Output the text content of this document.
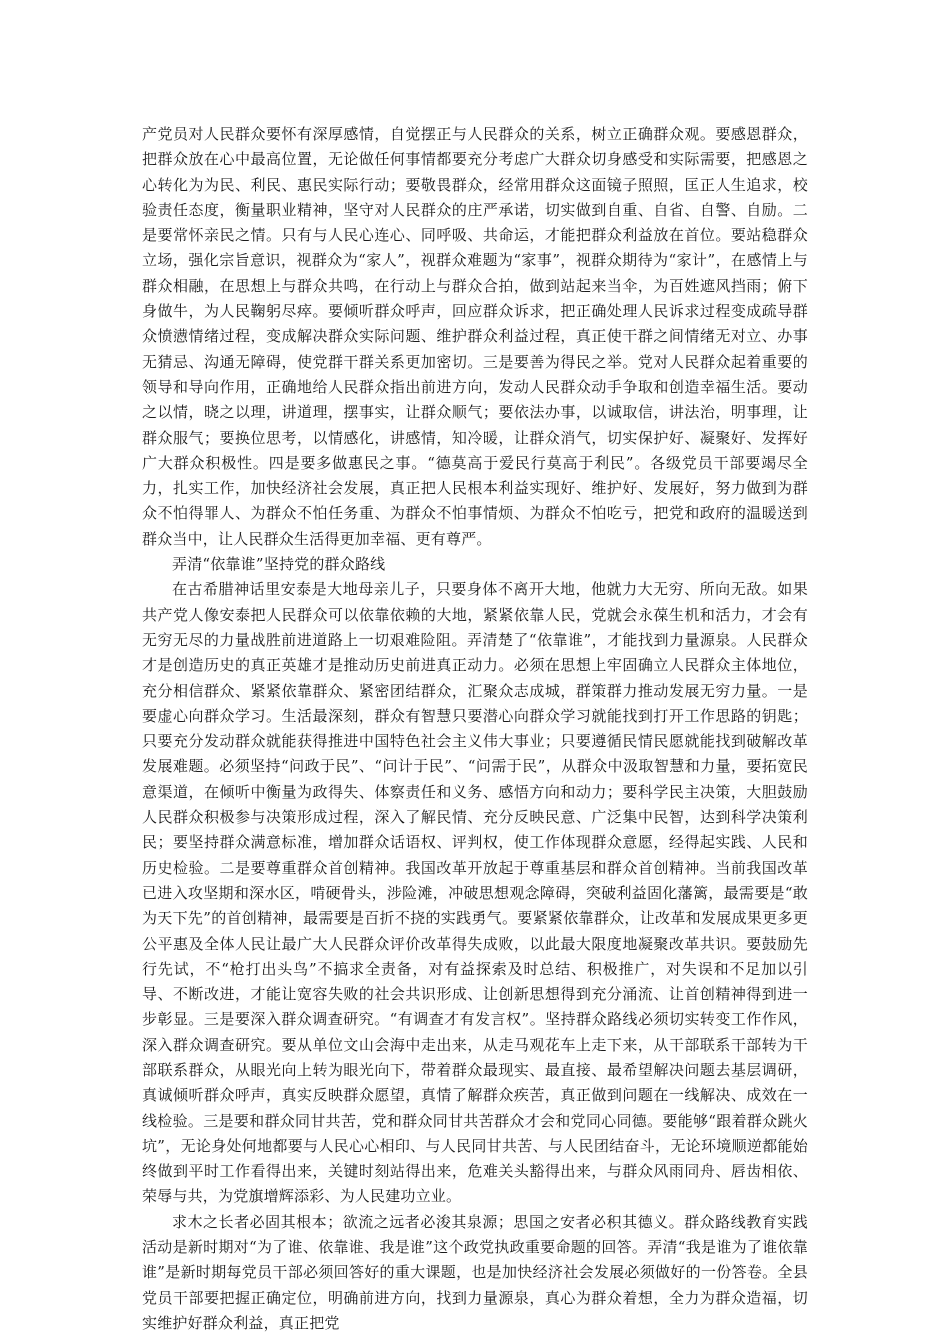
产党员对人民群众要怀有深厚感情，自觉摆正与人民群众的关系，树立正确群众观。要感恩群众，把群众放在心中最高位置，无论做任何事情都要充分考虑广大群众切身感受和实际需要，把感恩之心转化为为民、利民、惠民实际行动；要敬畏群众，经常用群众这面镜子照照，匡正人生追求，校验责任态度，衡量职业精神，坚守对人民群众的庄严承诺，切实做到自重、自省、自警、自励。二是要常怀亲民之情。只有与人民心连心、同呼吸、共命运，才能把群众利益放在首位。要站稳群众立场，强化宗旨意识，视群众为“家人”，视群众难题为“家事”，视群众期待为“家计”，在感情上与群众相融，在思想上与群众共鸣，在行动上与群众合拍，做到站起来当伞，为百姓遮风挡雨；俯下身做牛，为人民鞠躬尽瘁。要倾听群众呼声，回应群众诉求，把正确处理人民诉求过程变成疏导群众愤懑情绪过程，变成解决群众实际问题、维护群众利益过程，真正使干群之间情绪无对立、办事无猜忌、沟通无障碍，使党群干群关系更加密切。三是要善为得民之举。党对人民群众起着重要的领导和导向作用，正确地给人民群众指出前进方向，发动人民群众动手争取和创造幸福生活。要动之以情，晓之以理，讲道理，摆事实，让群众顺气；要依法办事，以诚取信，讲法治，明事理，让群众服气；要换位思考，以情感化，讲感情，知冷暖，让群众消气，切实保护好、凝聚好、发挥好广大群众积极性。四是要多做惠民之事。“德莫高于爱民行莫高于利民”。各级党员干部要竭尽全力，扎实工作，加快经济社会发展，真正把人民根本利益实现好、维护好、发展好，努力做到为群众不怕得罪人、为群众不怕任务重、为群众不怕事情烦、为群众不怕吃亏，把党和政府的温暖送到群众当中，让人民群众生活得更加幸福、更有尊严。

弄清“依靠谁”坚持党的群众路线

在古希腊神话里安泰是大地母亲儿子，只要身体不离开大地，他就力大无穷、所向无敌。如果共产党人像安泰把人民群众可以依靠依赖的大地，紧紧依靠人民，党就会永葆生机和活力，才会有无穷无尽的力量战胜前进道路上一切艰难险阻。弄清楚了“依靠谁”，才能找到力量源泉。人民群众才是创造历史的真正英雄才是推动历史前进真正动力。必须在思想上牢固确立人民群众主体地位，充分相信群众、紧紧依靠群众、紧密团结群众，汇聚众志成城，群策群力推动发展无穷力量。一是要虚心向群众学习。生活最深刻，群众有智慧只要潜心向群众学习就能找到打开工作思路的钥匙；只要充分发动群众就能获得推进中国特色社会主义伟大事业；只要遵循民情民愿就能找到破解改革发展难题。必须坚持“问政于民”、“问计于民”、“问需于民”，从群众中汲取智慧和力量，要拓宽民意渠道，在倾听中衡量为政得失、体察责任和义务、感悟方向和动力；要科学民主决策，大胆鼓励人民群众积极参与决策形成过程，深入了解民情、充分反映民意、广泛集中民智，达到科学决策利民；要坚持群众满意标准，增加群众话语权、评判权，使工作体现群众意愿，经得起实践、人民和历史检验。二是要尊重群众首创精神。我国改革开放起于尊重基层和群众首创精神。当前我国改革已进入攻坚期和深水区，啃硬骨头，涉险滩，冲破思想观念障碍，突破利益固化藩篱，最需要是“敢为天下先”的首创精神，最需要是百折不挠的实践勇气。要紧紧依靠群众，让改革和发展成果更多更公平惠及全体人民让最广大人民群众评价改革得失成败，以此最大限度地凝聚改革共识。要鼓励先行先试，不“枪打出头鸟”不搞求全责备，对有益探索及时总结、积极推广，对失误和不足加以引导、不断改进，才能让宽容失败的社会共识形成、让创新思想得到充分涌流、让首创精神得到进一步彰显。三是要深入群众调查研究。“有调查才有发言权”。坚持群众路线必须切实转变工作作风，深入群众调查研究。要从单位文山会海中走出来，从走马观花车上走下来，从干部联系干部转为干部联系群众，从眼光向上转为眼光向下，带着群众最现实、最直接、最希望解决问题去基层调研，真诚倾听群众呼声，真实反映群众愿望，真情了解群众疾苦，真正做到问题在一线解决、成效在一线检验。三是要和群众同甘共苦，党和群众同甘共苦群众才会和党同心同德。要能够“跟着群众跳火坑”，无论身处何地都要与人民心心相印、与人民同甘共苦、与人民团结奋斗，无论环境顺逆都能始终做到平时工作看得出来，关键时刻站得出来，危难关头豁得出来，与群众风雨同舟、唇齿相依、荣辱与共，为党旗增辉添彩、为人民建功立业。

求木之长者必固其根本；欲流之远者必浚其泉源；思国之安者必积其德义。群众路线教育实践活动是新时期对“为了谁、依靠谁、我是谁”这个政党执政重要命题的回答。弄清“我是谁为了谁依靠谁”是新时期每党员干部必须回答好的重大课题，也是加快经济社会发展必须做好的一份答卷。全县党员干部要把握正确定位，明确前进方向，找到力量源泉，真心为群众着想，全力为群众造福，切实维护好群众利益，真正把党
